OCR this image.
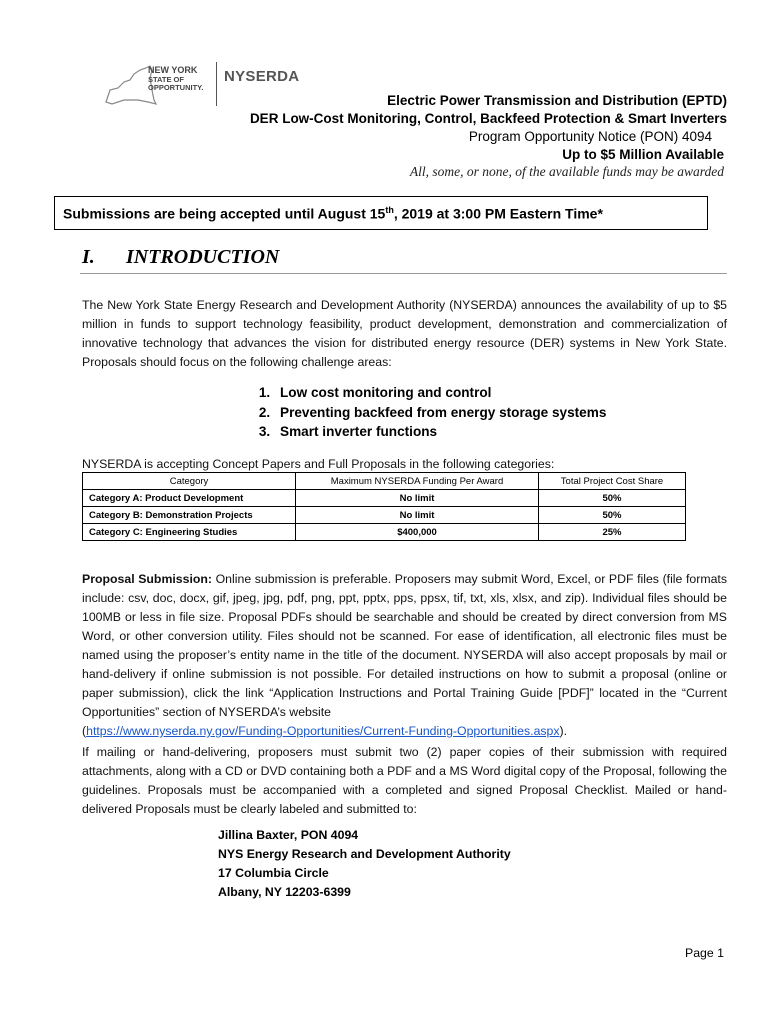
NEW YORK
STATE OF
OPPORTUNITY.
NYSERDA
Electric Power Transmission and Distribution (EPTD)
DER Low-Cost Monitoring, Control, Backfeed Protection & Smart Inverters
Program Opportunity Notice (PON) 4094
Up to $5 Million Available
All, some, or none, of the available funds may be awarded
Submissions are being accepted until August 15th, 2019 at 3:00 PM Eastern Time*
I. INTRODUCTION
The New York State Energy Research and Development Authority (NYSERDA) announces the availability of up to $5 million in funds to support technology feasibility, product development, demonstration and commercialization of innovative technology that advances the vision for distributed energy resource (DER) systems in New York State. Proposals should focus on the following challenge areas:
1. Low cost monitoring and control
2. Preventing backfeed from energy storage systems
3. Smart inverter functions
NYSERDA is accepting Concept Papers and Full Proposals in the following categories:
Category	Maximum NYSERDA Funding Per Award	Total Project Cost Share
Category A: Product Development	No limit	50%
Category B: Demonstration Projects	No limit	50%
Category C: Engineering Studies	$400,000	25%
Proposal Submission: Online submission is preferable. Proposers may submit Word, Excel, or PDF files (file formats include: csv, doc, docx, gif, jpeg, jpg, pdf, png, ppt, pptx, pps, ppsx, tif, txt, xls, xlsx, and zip). Individual files should be 100MB or less in file size. Proposal PDFs should be searchable and should be created by direct conversion from MS Word, or other conversion utility. Files should not be scanned. For ease of identification, all electronic files must be named using the proposer’s entity name in the title of the document. NYSERDA will also accept proposals by mail or hand-delivery if online submission is not possible. For detailed instructions on how to submit a proposal (online or paper submission), click the link “Application Instructions and Portal Training Guide [PDF]” located in the “Current Opportunities” section of NYSERDA’s website
(https://www.nyserda.ny.gov/Funding-Opportunities/Current-Funding-Opportunities.aspx).
If mailing or hand-delivering, proposers must submit two (2) paper copies of their submission with required attachments, along with a CD or DVD containing both a PDF and a MS Word digital copy of the Proposal, following the guidelines. Proposals must be accompanied with a completed and signed Proposal Checklist. Mailed or hand-delivered Proposals must be clearly labeled and submitted to:
Jillina Baxter, PON 4094
NYS Energy Research and Development Authority
17 Columbia Circle
Albany, NY 12203-6399
Page 1
